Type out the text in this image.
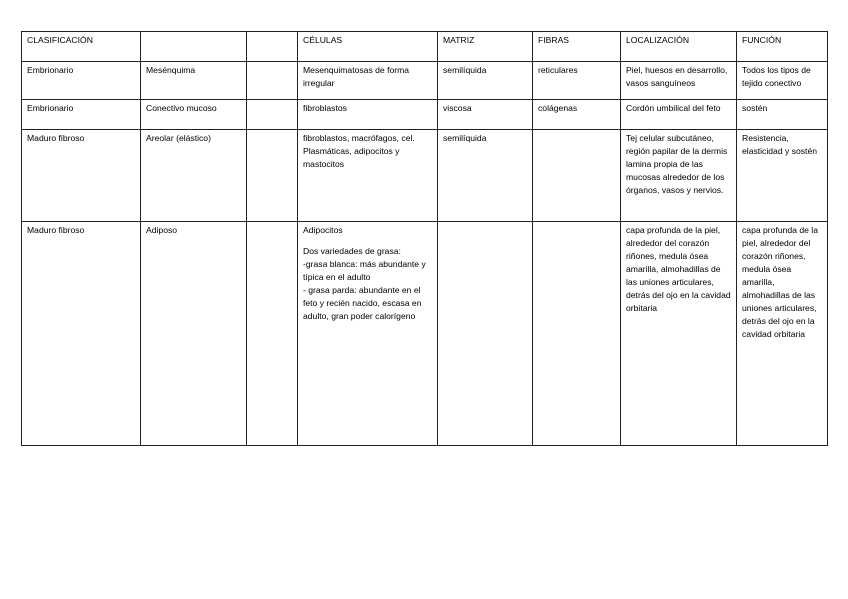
CLASIFICACIÓN			CÉLULAS	MATRIZ	FIBRAS	LOCALIZACIÓN	FUNCIÓN
Embrionario	Mesénquima		Mesenquimatosas de forma irregular	semilíquida	reticulares	Piel, huesos en desarrollo, vasos sanguíneos	Todos los tipos de tejido conectivo
Embrionario	Conectivo mucoso		fibroblastos	viscosa	colágenas	Cordón umbilical del feto	sostén
Maduro fibroso	Areolar (elástico)		fibroblastos, macrófagos, cel. Plasmáticas, adipocitos y mastocitos	semilíquida		Tej celular subcutáneo, región papilar de la dermis lamina propia de las mucosas alrededor de los órganos, vasos y nervios.	Resistencia, elasticidad y sostén
Maduro fibroso	Adiposo		Adipocitos
Dos variedades de grasa:
-grasa blanca: más abundante y típica en el adulto
- grasa parda: abundante en el feto y recién nacido, escasa en adulto, gran poder calorígeno			capa profunda de la piel, alrededor del corazón riñones, medula ósea amarilla, almohadillas de las uniones articulares, detrás del ojo en la cavidad orbitaria	capa profunda de la piel, alrededor del corazón riñones, medula ósea amarilla, almohadillas de las uniones articulares, detrás del ojo en la cavidad orbitaria
